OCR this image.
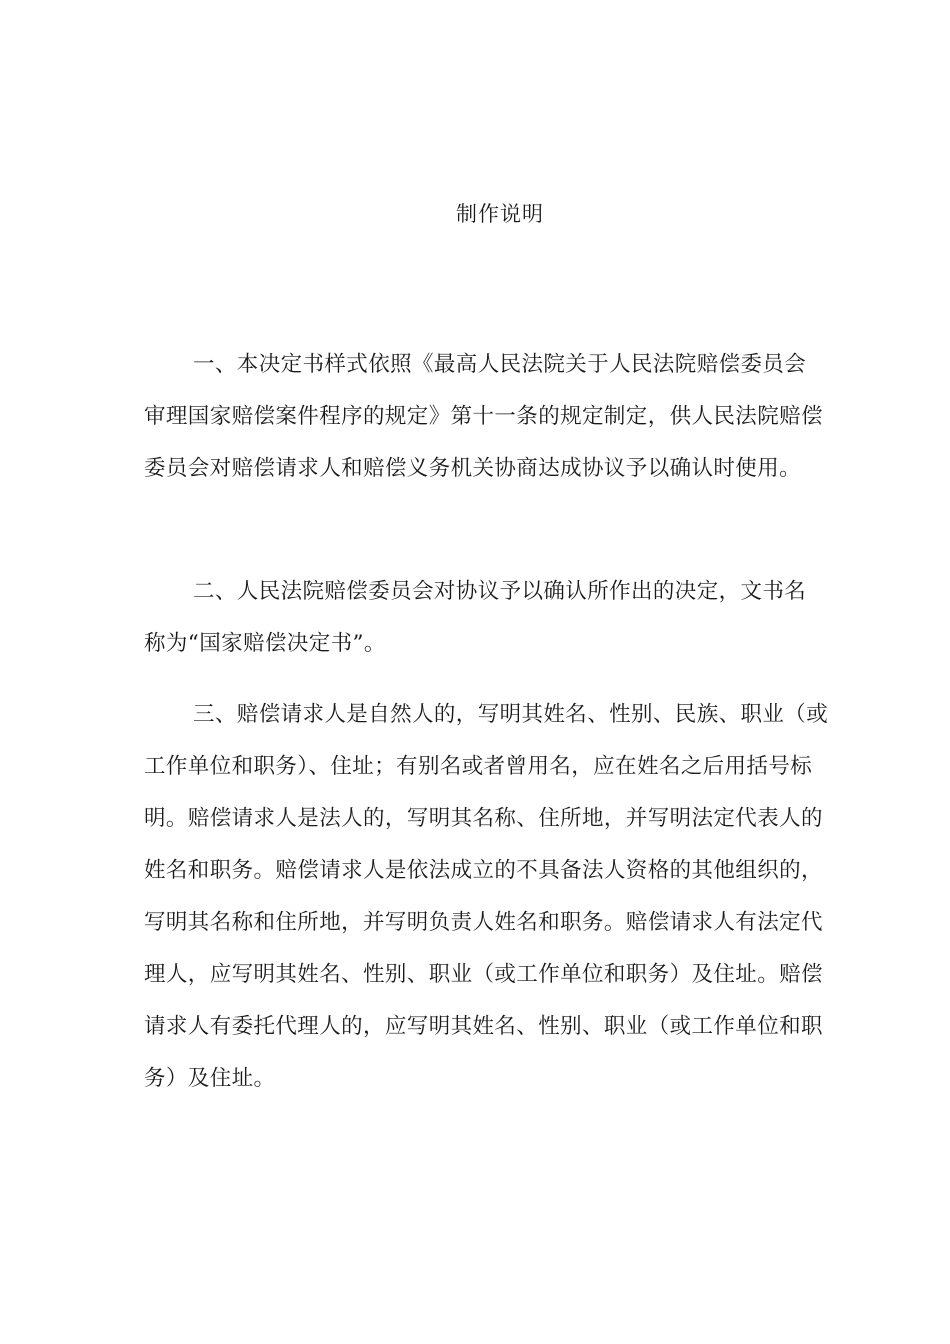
制作说明

一、本决定书样式依照《最高人民法院关于人民法院赔偿委员会审理国家赔偿案件程序的规定》第十一条的规定制定，供人民法院赔偿委员会对赔偿请求人和赔偿义务机关协商达成协议予以确认时使用。

二、人民法院赔偿委员会对协议予以确认所作出的决定，文书名称为“国家赔偿决定书”。

三、赔偿请求人是自然人的，写明其姓名、性别、民族、职业（或工作单位和职务）、住址；有别名或者曾用名，应在姓名之后用括号标明。赔偿请求人是法人的，写明其名称、住所地，并写明法定代表人的姓名和职务。赔偿请求人是依法成立的不具备法人资格的其他组织的，写明其名称和住所地，并写明负责人姓名和职务。赔偿请求人有法定代理人，应写明其姓名、性别、职业（或工作单位和职务）及住址。赔偿请求人有委托代理人的，应写明其姓名、性别、职业（或工作单位和职务）及住址。
